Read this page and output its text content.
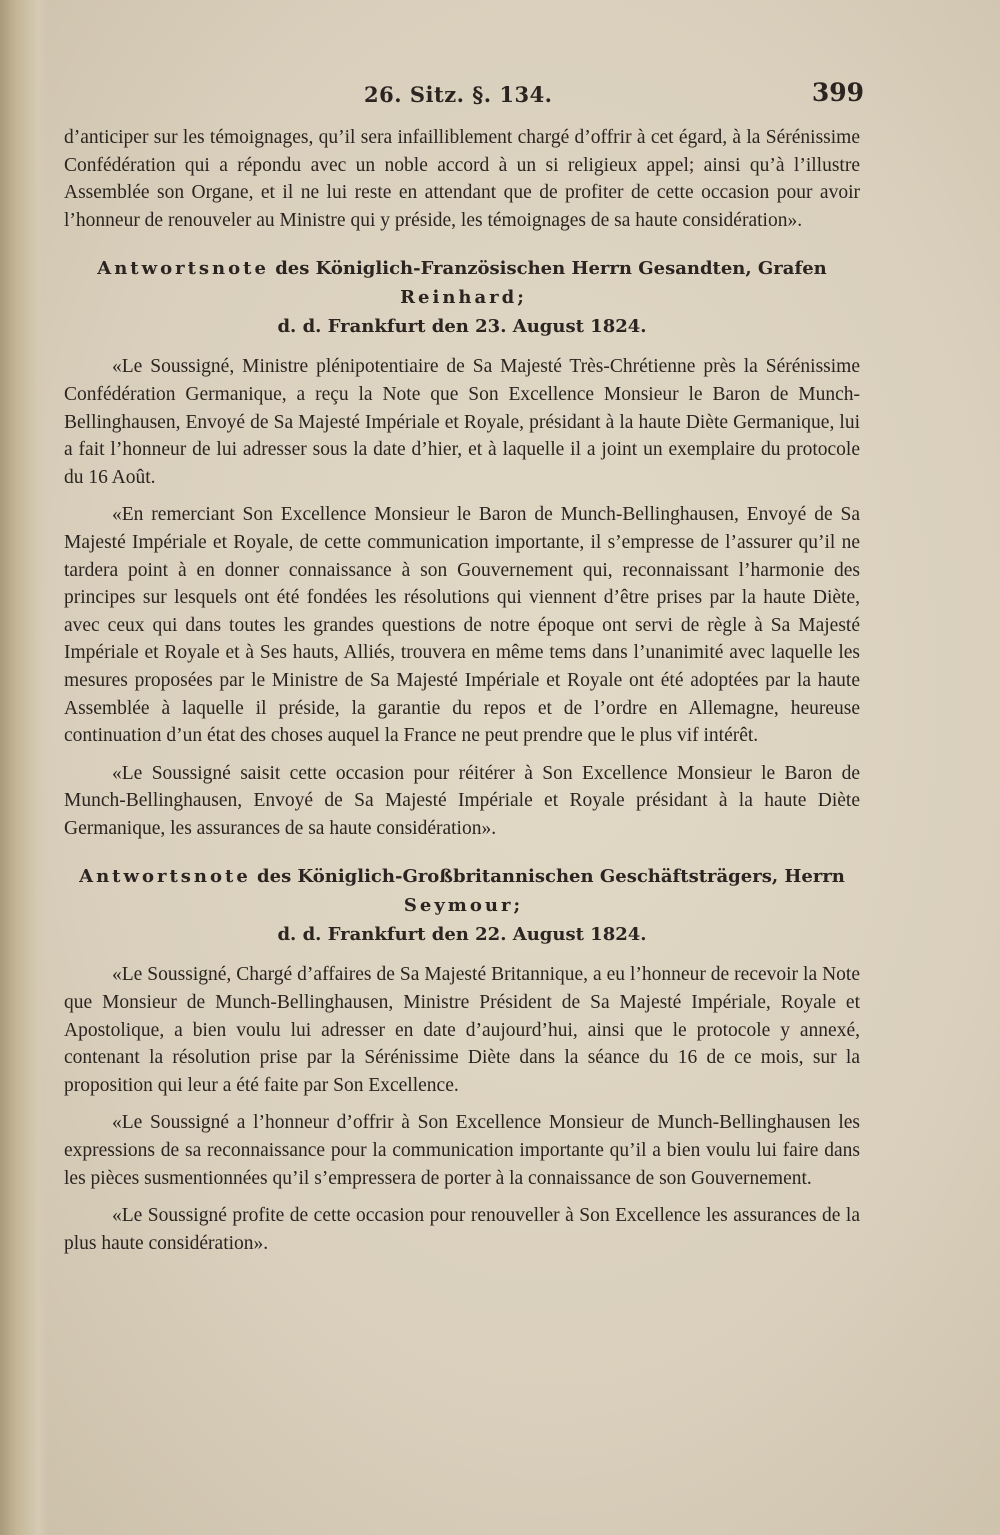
26. Sitz. §. 134.	399

d’anticiper sur les témoignages, qu’il sera infailliblement chargé d’offrir à cet égard, à la Sérénissime Confédération qui a répondu avec un noble accord à un si religieux appel; ainsi qu’à l’illustre Assemblée son Organe, et il ne lui reste en attendant que de profiter de cette occasion pour avoir l’honneur de renouveler au Ministre qui y préside, les témoignages de sa haute considération».

Antwortsnote des Königlich-Französischen Herrn Gesandten, Grafen Reinhard;
d. d. Frankfurt den 23. August 1824.

«Le Soussigné, Ministre plénipotentiaire de Sa Majesté Très-Chrétienne près la Sérénissime Confédération Germanique, a reçu la Note que Son Excellence Monsieur le Baron de Munch-Bellinghausen, Envoyé de Sa Majesté Impériale et Royale, présidant à la haute Diète Germanique, lui a fait l’honneur de lui adresser sous la date d’hier, et à laquelle il a joint un exemplaire du protocole du 16 Août.

«En remerciant Son Excellence Monsieur le Baron de Munch-Bellinghausen, Envoyé de Sa Majesté Impériale et Royale, de cette communication importante, il s’empresse de l’assurer qu’il ne tardera point à en donner connaissance à son Gouvernement qui, reconnaissant l’harmonie des principes sur lesquels ont été fondées les résolutions qui viennent d’être prises par la haute Diète, avec ceux qui dans toutes les grandes questions de notre époque ont servi de règle à Sa Majesté Impériale et Royale et à Ses hauts, Alliés, trouvera en même tems dans l’unanimité avec laquelle les mesures proposées par le Ministre de Sa Majesté Impériale et Royale ont été adoptées par la haute Assemblée à laquelle il préside, la garantie du repos et de l’ordre en Allemagne, heureuse continuation d’un état des choses auquel la France ne peut prendre que le plus vif intérêt.

«Le Soussigné saisit cette occasion pour réitérer à Son Excellence Monsieur le Baron de Munch-Bellinghausen, Envoyé de Sa Majesté Impériale et Royale présidant à la haute Diète Germanique, les assurances de sa haute considération».

Antwortsnote des Königlich-Großbritannischen Geschäftsträgers, Herrn Seymour;
d. d. Frankfurt den 22. August 1824.

«Le Soussigné, Chargé d’affaires de Sa Majesté Britannique, a eu l’honneur de recevoir la Note que Monsieur de Munch-Bellinghausen, Ministre Président de Sa Majesté Impériale, Royale et Apostolique, a bien voulu lui adresser en date d’aujourd’hui, ainsi que le protocole y annexé, contenant la résolution prise par la Sérénissime Diète dans la séance du 16 de ce mois, sur la proposition qui leur a été faite par Son Excellence.

«Le Soussigné a l’honneur d’offrir à Son Excellence Monsieur de Munch-Bellinghausen les expressions de sa reconnaissance pour la communication importante qu’il a bien voulu lui faire dans les pièces susmentionnées qu’il s’empressera de porter à la connaissance de son Gouvernement.

«Le Soussigné profite de cette occasion pour renouveller à Son Excellence les assurances de la plus haute considération».
